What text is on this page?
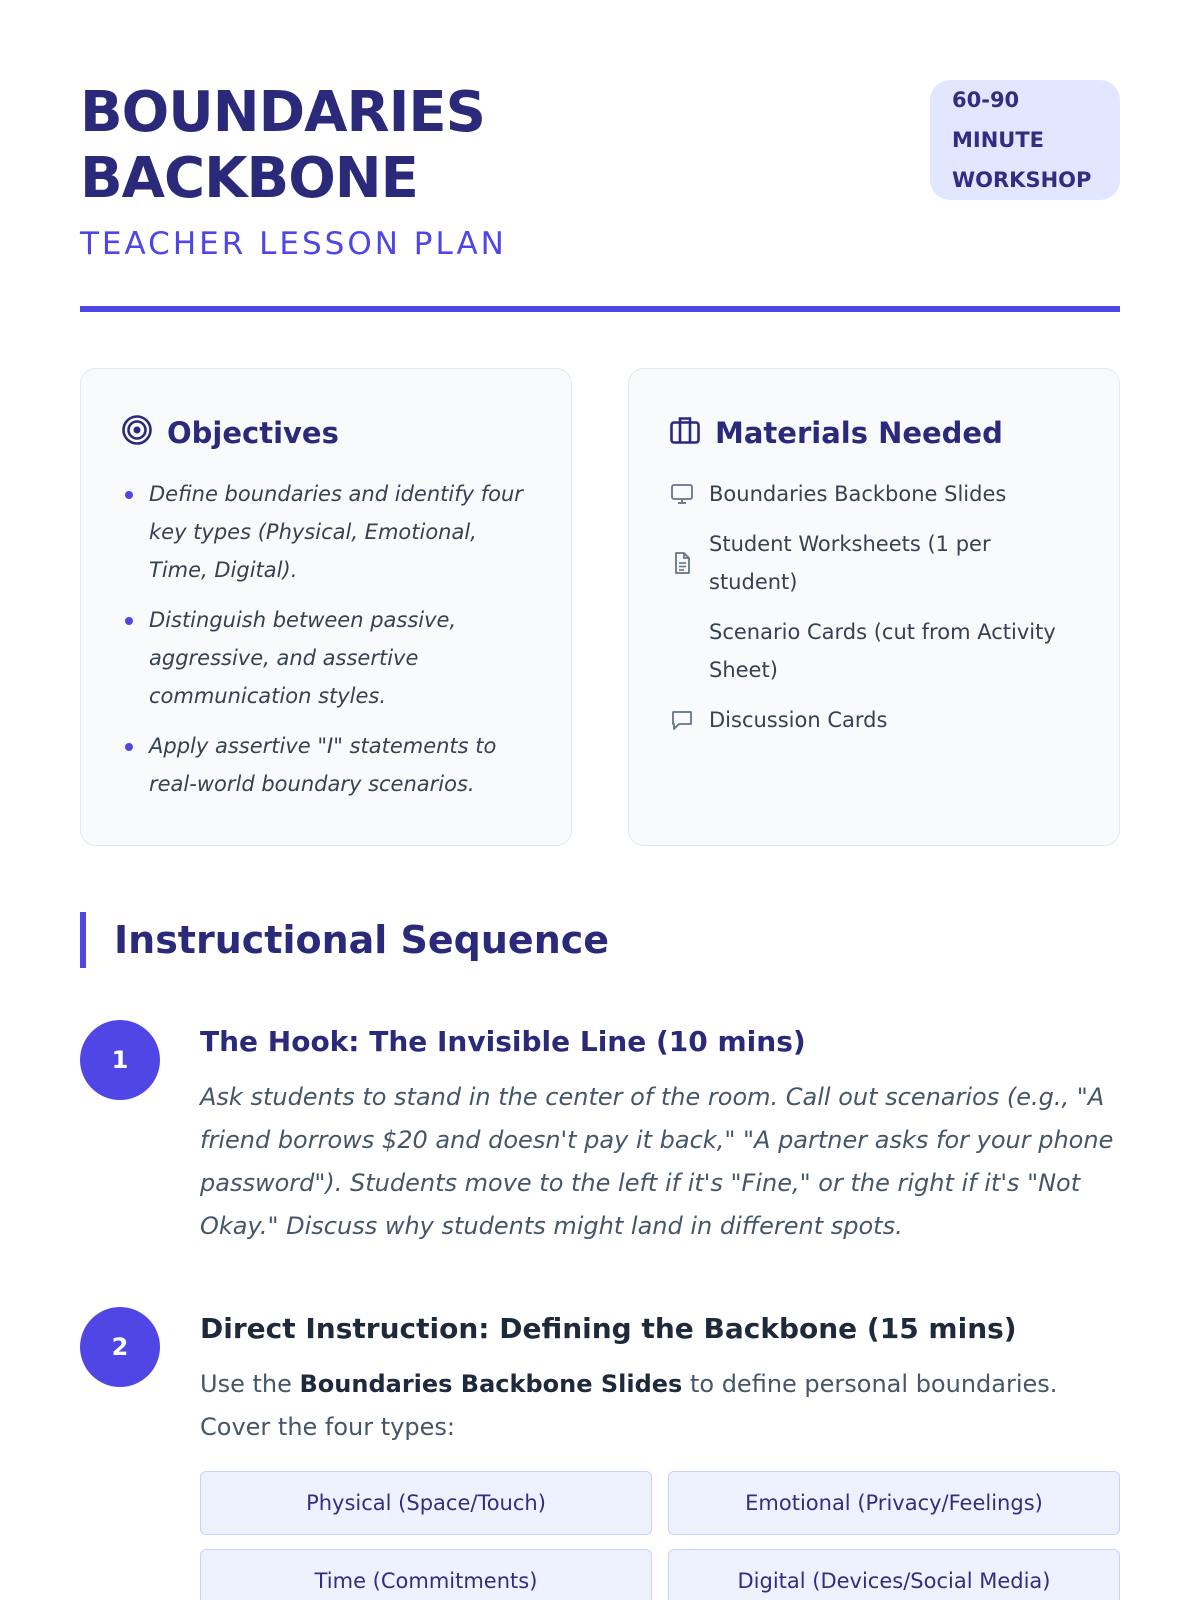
BOUNDARIES
BACKBONE
TEACHER LESSON PLAN
60-90 MINUTE
WORKSHOP
Objectives
Define boundaries and identify four key types (Physical, Emotional, Time, Digital).
Distinguish between passive, aggressive, and assertive communication styles.
Apply assertive "I" statements to real-world boundary scenarios.
Materials Needed
Boundaries Backbone Slides
Student Worksheets (1 per student)
Scenario Cards (cut from Activity Sheet)
Discussion Cards
Instructional Sequence
1
The Hook: The Invisible Line (10 mins)

Ask students to stand in the center of the room. Call out scenarios (e.g., "A friend borrows $20 and doesn't pay it back," "A partner asks for your phone password"). Students move to the left if it's "Fine," or the right if it's "Not Okay." Discuss why students might land in different spots.

2
Direct Instruction: Defining the Backbone (15 mins)

Use the Boundaries Backbone Slides to define personal boundaries. Cover the four types:

Physical (Space/Touch)	Emotional (Privacy/Feelings)
Time (Commitments)	Digital (Devices/Social Media)
